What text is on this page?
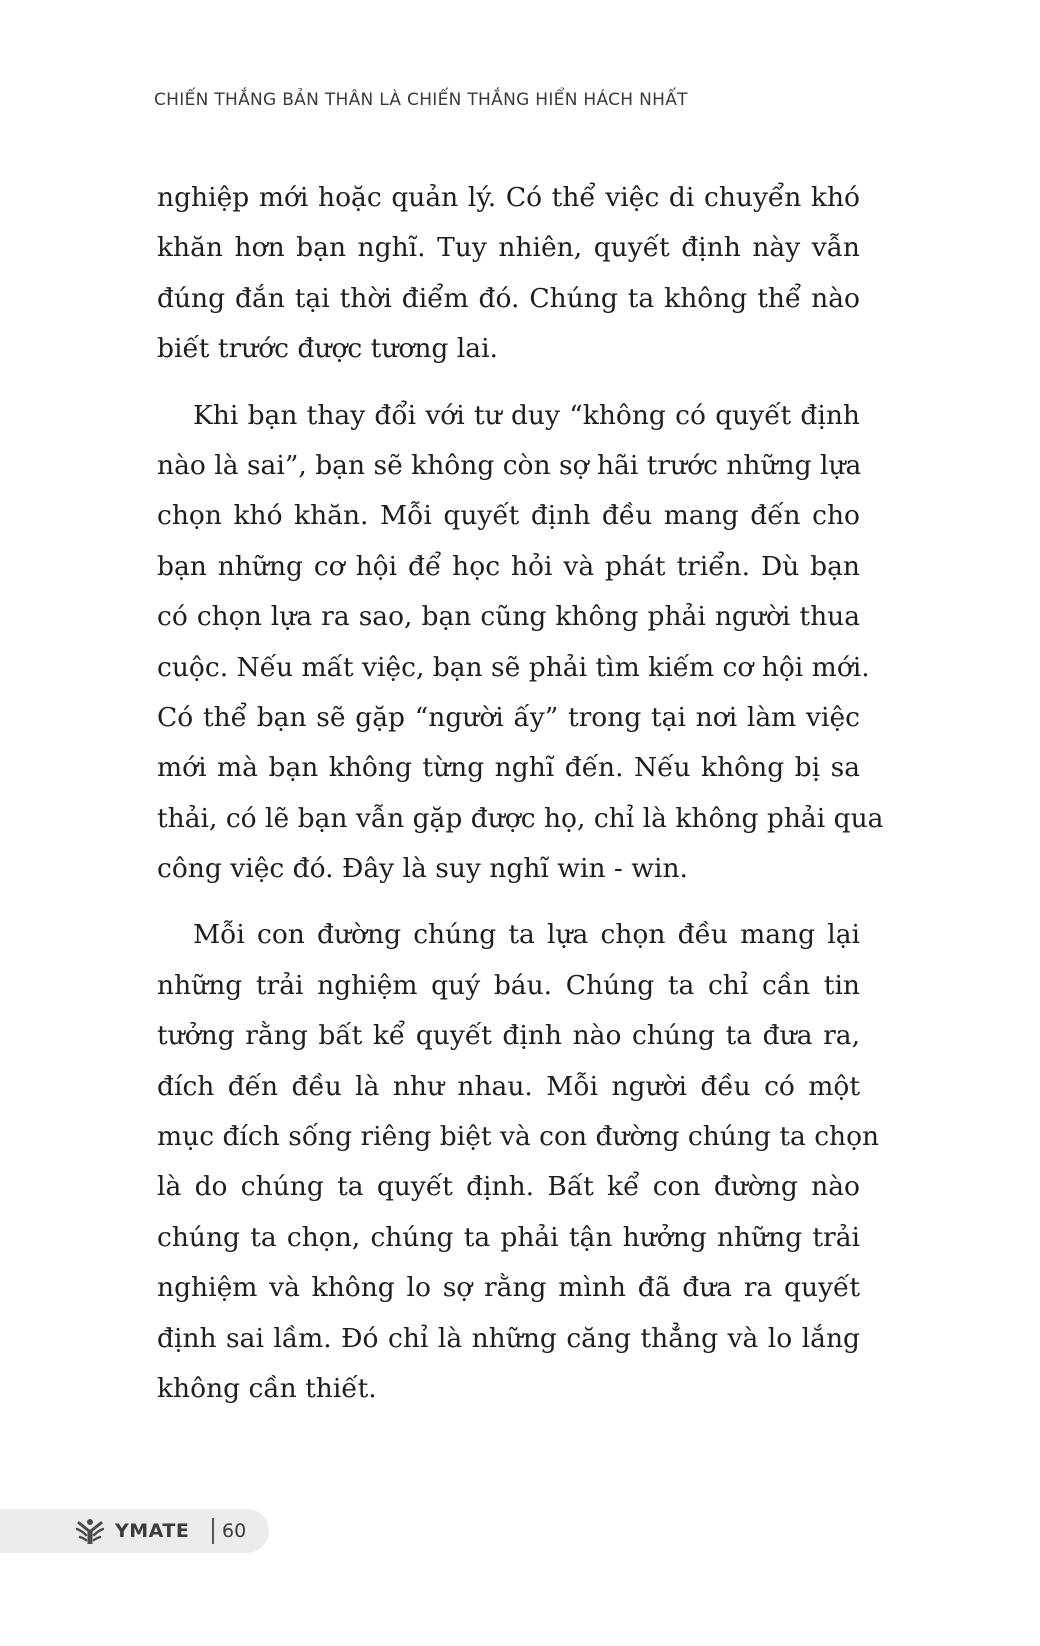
CHIẾN THẮNG BẢN THÂN LÀ CHIẾN THẮNG HIỂN HÁCH NHẤT
nghiệp mới hoặc quản lý. Có thể việc di chuyển khó
khăn hơn bạn nghĩ. Tuy nhiên, quyết định này vẫn
đúng đắn tại thời điểm đó. Chúng ta không thể nào
biết trước được tương lai.
Khi bạn thay đổi với tư duy “không có quyết định
nào là sai”, bạn sẽ không còn sợ hãi trước những lựa
chọn khó khăn. Mỗi quyết định đều mang đến cho
bạn những cơ hội để học hỏi và phát triển. Dù bạn
có chọn lựa ra sao, bạn cũng không phải người thua
cuộc. Nếu mất việc, bạn sẽ phải tìm kiếm cơ hội mới.
Có thể bạn sẽ gặp “người ấy” trong tại nơi làm việc
mới mà bạn không từng nghĩ đến. Nếu không bị sa
thải, có lẽ bạn vẫn gặp được họ, chỉ là không phải qua
công việc đó. Đây là suy nghĩ win - win.
Mỗi con đường chúng ta lựa chọn đều mang lại
những trải nghiệm quý báu. Chúng ta chỉ cần tin
tưởng rằng bất kể quyết định nào chúng ta đưa ra,
đích đến đều là như nhau. Mỗi người đều có một
mục đích sống riêng biệt và con đường chúng ta chọn
là do chúng ta quyết định. Bất kể con đường nào
chúng ta chọn, chúng ta phải tận hưởng những trải
nghiệm và không lo sợ rằng mình đã đưa ra quyết
định sai lầm. Đó chỉ là những căng thẳng và lo lắng
không cần thiết.
YMATE 60
